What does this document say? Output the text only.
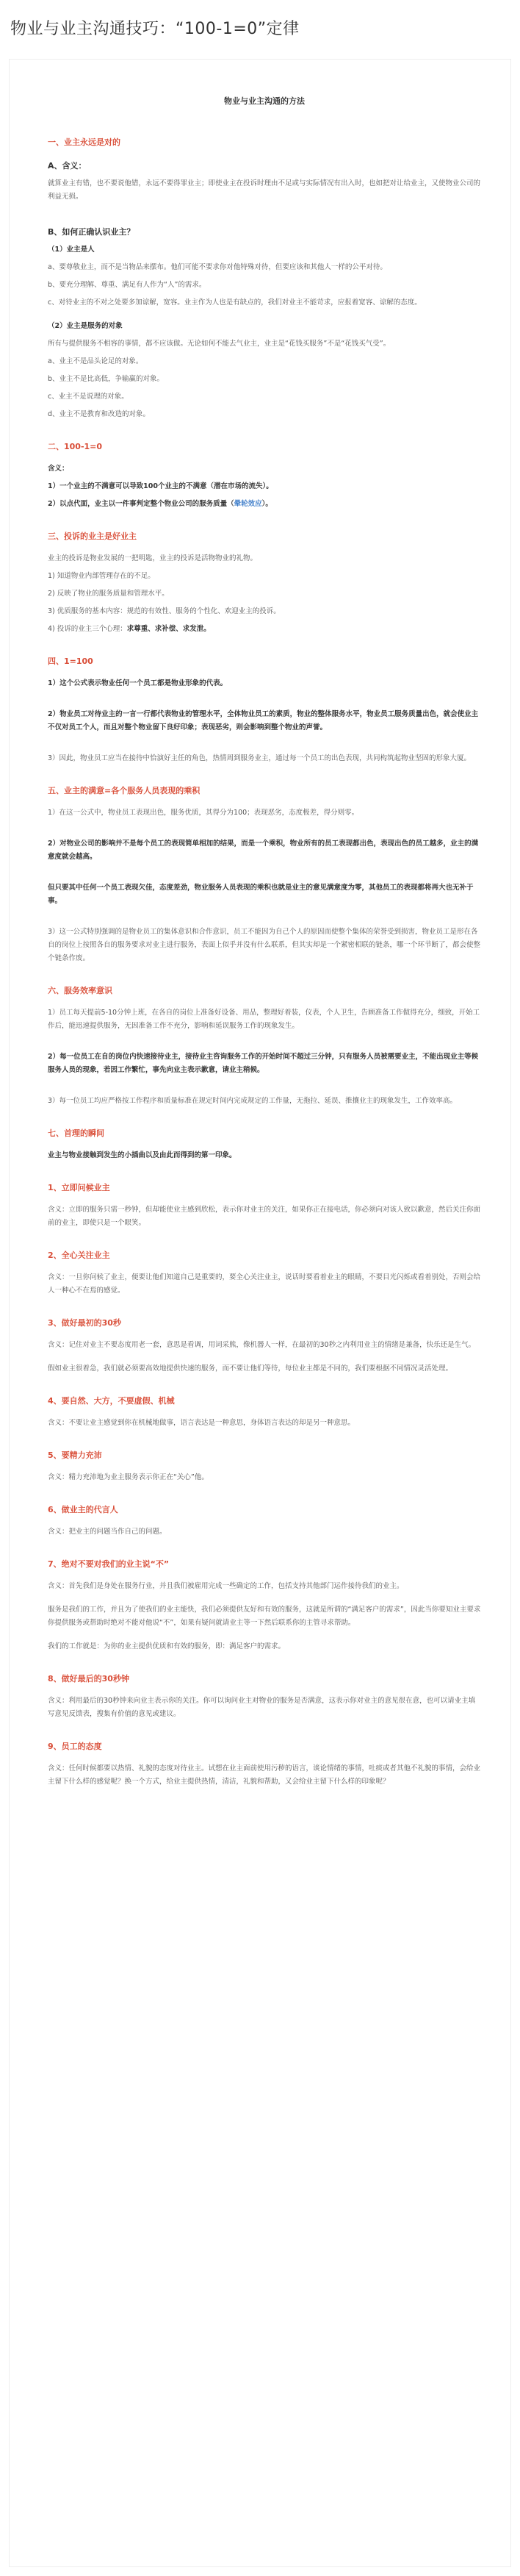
物业与业主沟通技巧：“100-1=0”定律
物业与业主沟通的方法
一、业主永远是对的
A、含义：
就算业主有错，也不要说他错，永远不要得罪业主；即使业主在投诉时理由不足或与实际情况有出入时，也如把对让给业主，又使物业公司的利益无损。
B、如何正确认识业主？
（1）业主是人
a、要尊敬业主，而不是当物品来摆布。他们可能不要求你对他特殊对待，但要应该和其他人一样的公平对待。
b、要充分理解、尊重、满足有人作为“人”的需求。
c、对待业主的不对之处要多加谅解，宽容。业主作为人也是有缺点的，我们对业主不能苛求，应报着宽容、谅解的态度。
（2）业主是服务的对象
所有与提供服务不相容的事情，都不应该做。无论如何不能去气业主，业主是“花钱买服务”不是“花钱买气受”。
a、业主不是品头论足的对象。
b、业主不是比高低，争输赢的对象。
c、业主不是说理的对象。
d、业主不是教育和改造的对象。
二、100-1=0
含义：
1）一个业主的不满意可以导致100个业主的不满意（潜在市场的流失）。
2）以点代面，业主以一件事判定整个物业公司的服务质量（晕轮效应）。
三、投诉的业主是好业主
业主的投诉是物业发展的一把明匙，业主的投诉是活物物业的礼物。
1) 知道物业内部管理存在的不足。
2) 反映了物业的服务质量和管理水平。
3) 优质服务的基本内容：规范的有效性、服务的个性化、欢迎业主的投诉。
4) 投诉的业主三个心理：求尊重、求补偿、求发泄。
四、1=100
1）这个公式表示物业任何一个员工都是物业形象的代表。
2）物业员工对待业主的一言一行都代表物业的管理水平，全体物业员工的素质，物业的整体服务水平，物业员工服务质量出色，就会使业主不仅对员工个人，而且对整个物业留下良好印象；表现恶劣，则会影响到整个物业的声誉。
3）因此，物业员工应当在接待中恰演好主任的角色，热情周到服务业主，通过每一个员工的出色表现，共同构筑起物业坚固的形象大厦。
五、业主的满意=各个服务人员表现的乘积
1）在这一公式中，物业员工表现出色，服务优质，其得分为100；表现恶劣，态度极差，得分则零。
2）对物业公司的影响并不是每个员工的表现简单相加的结果，而是一个乘积，物业所有的员工表现都出色，表现出色的员工越多，业主的满意度就会越高。
但只要其中任何一个员工表现欠佳，态度差劲，物业服务人员表现的乘积也就是业主的意见满意度为零，其他员工的表现都将再大也无补于事。
3）这一公式特别强调的是物业员工的集体意识和合作意识，员工不能因为自己个人的原因而使整个集体的荣誉受到损害，物业员工是形在各自的岗位上按照各自的服务要求对业主进行服务，表面上似乎并没有什么联系，但其实却是一个紧密相联的链条，哪一个环节断了，都会使整个链条作废。
六、服务效率意识
1）员工每天提前5-10分钟上班，在各自的岗位上准备好设备、用品，整理好着装，仪表，个人卫生，告顾准备工作做得充分，细致，开始工作后，能迅速提供服务，无因准备工作不充分，影响和延误服务工作的现象发生。
2）每一位员工在自的岗位内快速接待业主，接待业主咨询服务工作的开始时间不超过三分钟，只有服务人员被需要业主，不能出现业主等候服务人员的现象，若因工作繁忙，事先向业主表示歉意，请业主稍候。
3）每一位员工均应严格按工作程序和质量标准在规定时间内完成规定的工作量，无拖拉、延误、推攘业主的现象发生，工作效率高。
七、首理的瞬间
业主与物业接触到发生的小插曲以及由此而得到的第一印象。
1、立即问候业主
含义：立即的服务只需一秒钟，但却能使业主感到欣松，表示你对业主的关注，如果你正在接电话，你必须向对该人致以歉意，然后关注你面前的业主，即使只是一个眼笑。
2、全心关注业主
含义：一旦你问候了业主，便要让他们知道自己是重要的，要全心关注业主，说话时要看着业主的眼睛，不要目光闪烁或看着别处，否则会给人一种心不在焉的感觉。
3、做好最初的30秒
含义：记住对业主不要态度用老一套，意思是看调，用词采熊，像机器人一样，在最初的30秒之内利用业主的情绪是兼备，快乐还是生气。
假如业主很着急，我们就必须要高效地提供快速的服务，而不要让他们等待，每位业主都是不同的，我们要根据不同情况灵活处理。
4、要自然、大方，不要虚假、机械
含义：不要让业主感觉到你在机械地做事，语言表达是一种意思，身体语言表达的却是另一种意思。
5、要精力充沛
含义：精力充沛地为业主服务表示你正在“关心”他。
6、做业主的代言人
含义：把业主的问题当作自己的问题。
7、绝对不要对我们的业主说“不”
含义：首先我们是身处在服务行业，并且我们被雇用完成一些确定的工作，包括支持其他部门运作接待我们的业主。
服务是我们的工作，并且为了使我们的业主能快，我们必须提供友好和有效的服务，这就是所谓的“满足客户的需求”，因此当你要知业主要求你提供服务或帮助时绝对不能对他说“不”，如果有疑问就请业主等一下然后联系你的主管寻求帮助。
我们的工作就是：为你的业主提供优质和有效的服务，即：满足客户的需求。
8、做好最后的30秒钟
含义：利用最后的30秒钟来向业主表示你的关注。你可以询问业主对物业的服务是否满意，这表示你对业主的意见很在意，也可以请业主填写意见反馈表，搜集有价值的意见或建议。
9、员工的态度
含义：任何时候都要以热情、礼貌的态度对待业主。试想在业主面前使用污秽的语言，谈论情绪的事情，吐痰或者其他不礼貌的事情，会给业主留下什么样的感觉呢？换一个方式，给业主提供热情，清洁，礼貌和帮助，又会给业主留下什么样的印象呢？
